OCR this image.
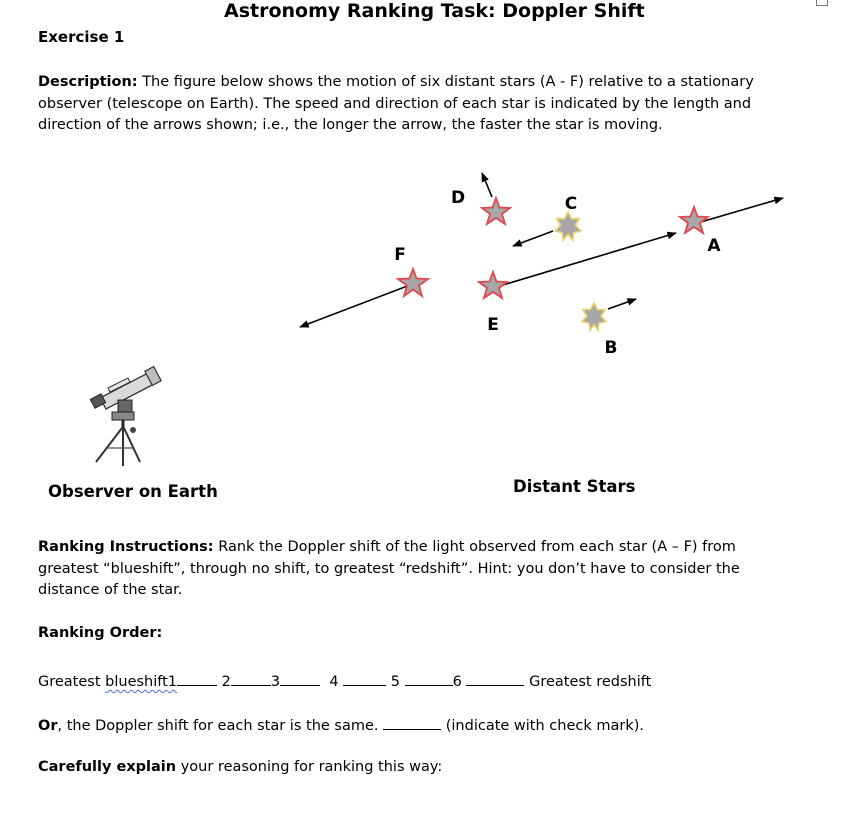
Astronomy Ranking Task: Doppler Shift
Exercise 1
Description: The figure below shows the motion of six distant stars (A - F) relative to a stationary observer (telescope on Earth). The speed and direction of each star is indicated by the length and direction of the arrows shown; i.e., the longer the arrow, the faster the star is moving.
A
B
C
D
E
F
Observer on Earth	Distant Stars
Ranking Instructions: Rank the Doppler shift of the light observed from each star (A – F) from greatest “blueshift”, through no shift, to greatest “redshift”. Hint: you don’t have to consider the distance of the star.
Ranking Order:
Greatest blueshift1	2	3	4	5	6	Greatest redshift
Or, the Doppler shift for each star is the same.	(indicate with check mark).
Carefully explain your reasoning for ranking this way:
